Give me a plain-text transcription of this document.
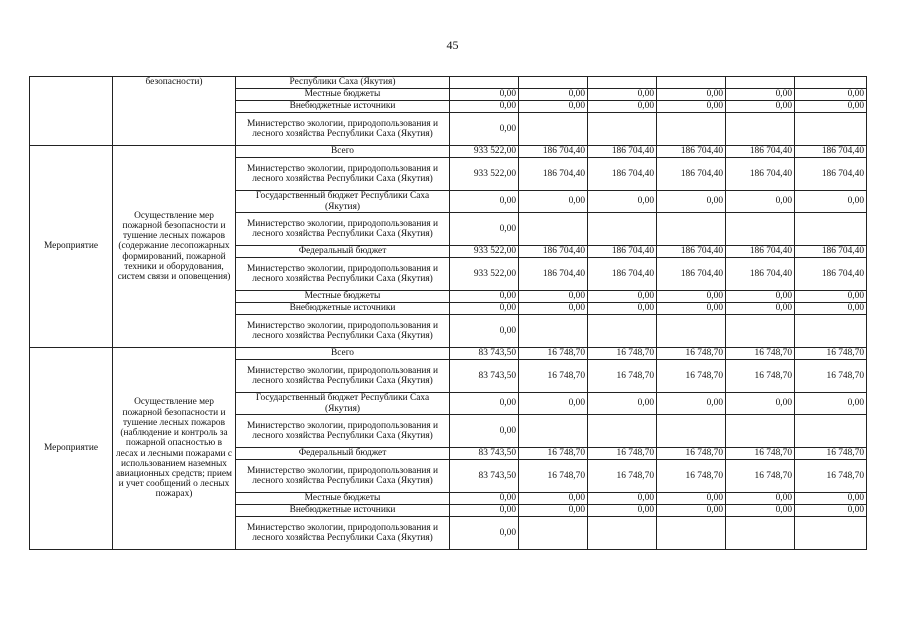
45
	безопасности)	Республики Саха (Якутия)						
		Местные бюджеты	0,00	0,00	0,00	0,00	0,00	0,00
		Внебюджетные источники	0,00	0,00	0,00	0,00	0,00	0,00
		Министерство экологии, природопользования и лесного хозяйства Республики Саха (Якутия)	0,00					
Мероприятие	Осуществление мер пожарной безопасности и тушение лесных пожаров (содержание лесопожарных формирований, пожарной техники и оборудования, систем связи и оповещения)	Всего	933 522,00	186 704,40	186 704,40	186 704,40	186 704,40	186 704,40
		Министерство экологии, природопользования и лесного хозяйства Республики Саха (Якутия)	933 522,00	186 704,40	186 704,40	186 704,40	186 704,40	186 704,40
		Государственный бюджет Республики Саха (Якутия)	0,00	0,00	0,00	0,00	0,00	0,00
		Министерство экологии, природопользования и лесного хозяйства Республики Саха (Якутия)	0,00					
		Федеральный бюджет	933 522,00	186 704,40	186 704,40	186 704,40	186 704,40	186 704,40
		Министерство экологии, природопользования и лесного хозяйства Республики Саха (Якутия)	933 522,00	186 704,40	186 704,40	186 704,40	186 704,40	186 704,40
		Местные бюджеты	0,00	0,00	0,00	0,00	0,00	0,00
		Внебюджетные источники	0,00	0,00	0,00	0,00	0,00	0,00
		Министерство экологии, природопользования и лесного хозяйства Республики Саха (Якутия)	0,00					
Мероприятие	Осуществление мер пожарной безопасности и тушение лесных пожаров (наблюдение и контроль за пожарной опасностью в лесах и лесными пожарами с использованием наземных авиационных средств; прием и учет сообщений о лесных пожарах)	Всего	83 743,50	16 748,70	16 748,70	16 748,70	16 748,70	16 748,70
		Министерство экологии, природопользования и лесного хозяйства Республики Саха (Якутия)	83 743,50	16 748,70	16 748,70	16 748,70	16 748,70	16 748,70
		Государственный бюджет Республики Саха (Якутия)	0,00	0,00	0,00	0,00	0,00	0,00
		Министерство экологии, природопользования и лесного хозяйства Республики Саха (Якутия)	0,00					
		Федеральный бюджет	83 743,50	16 748,70	16 748,70	16 748,70	16 748,70	16 748,70
		Министерство экологии, природопользования и лесного хозяйства Республики Саха (Якутия)	83 743,50	16 748,70	16 748,70	16 748,70	16 748,70	16 748,70
		Местные бюджеты	0,00	0,00	0,00	0,00	0,00	0,00
		Внебюджетные источники	0,00	0,00	0,00	0,00	0,00	0,00
		Министерство экологии, природопользования и лесного хозяйства Республики Саха (Якутия)	0,00					
